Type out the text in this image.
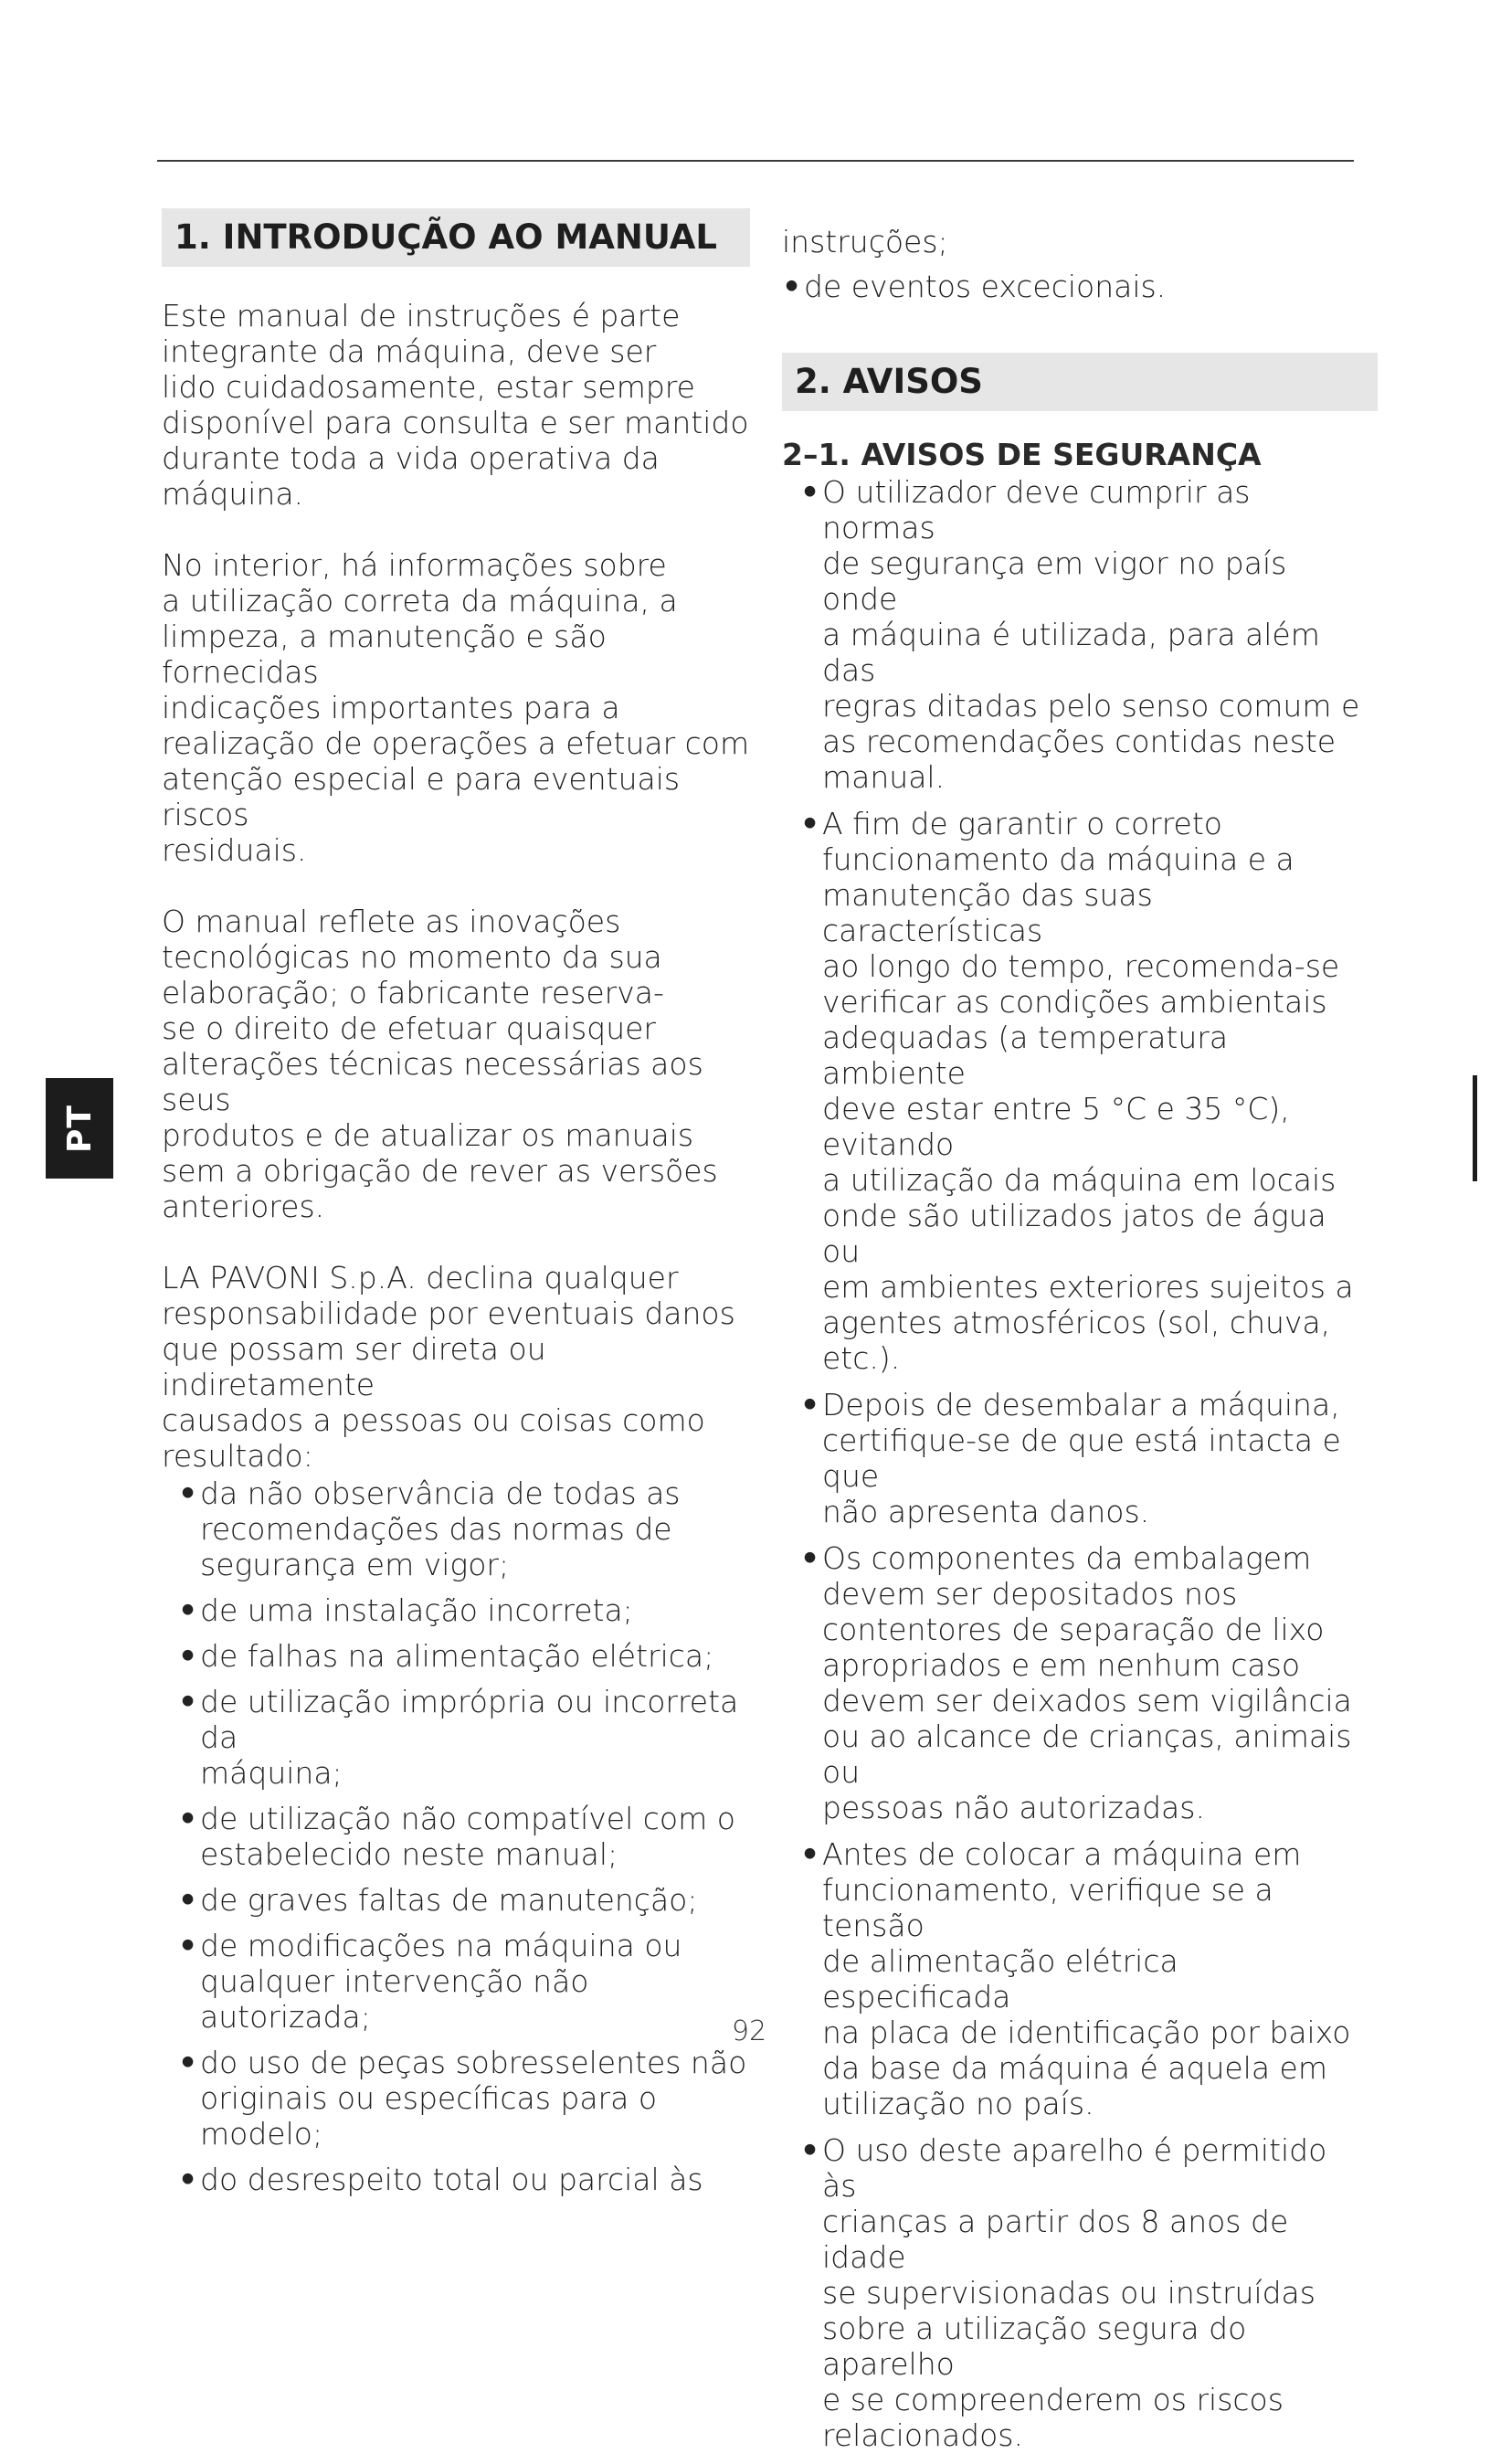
1. INTRODUÇÃO AO MANUAL

Este manual de instruções é parte
integrante da máquina, deve ser
lido cuidadosamente, estar sempre
disponível para consulta e ser mantido
durante toda a vida operativa da
máquina.

No interior, há informações sobre
a utilização correta da máquina, a
limpeza, a manutenção e são fornecidas
indicações importantes para a
realização de operações a efetuar com
atenção especial e para eventuais riscos
residuais.

O manual reflete as inovações
tecnológicas no momento da sua
elaboração; o fabricante reserva-
se o direito de efetuar quaisquer
alterações técnicas necessárias aos seus
produtos e de atualizar os manuais
sem a obrigação de rever as versões
anteriores.

LA PAVONI S.p.A. declina qualquer
responsabilidade por eventuais danos
que possam ser direta ou indiretamente
causados a pessoas ou coisas como
resultado:

• da não observância de todas as
recomendações das normas de
segurança em vigor;
• de uma instalação incorreta;
• de falhas na alimentação elétrica;
• de utilização imprópria ou incorreta da
máquina;
• de utilização não compatível com o
estabelecido neste manual;
• de graves faltas de manutenção;
• de modificações na máquina ou
qualquer intervenção não autorizada;
• do uso de peças sobresselentes não
originais ou específicas para o modelo;
• do desrespeito total ou parcial às
instruções;
• de eventos excecionais.
2. AVISOS
2–1. AVISOS DE SEGURANÇA
• O utilizador deve cumprir as normas
de segurança em vigor no país onde
a máquina é utilizada, para além das
regras ditadas pelo senso comum e
as recomendações contidas neste
manual.
• A fim de garantir o correto
funcionamento da máquina e a
manutenção das suas características
ao longo do tempo, recomenda-se
verificar as condições ambientais
adequadas (a temperatura ambiente
deve estar entre 5 °C e 35 °C), evitando
a utilização da máquina em locais
onde são utilizados jatos de água ou
em ambientes exteriores sujeitos a
agentes atmosféricos (sol, chuva, etc.).
• Depois de desembalar a máquina,
certifique-se de que está intacta e que
não apresenta danos.
• Os componentes da embalagem
devem ser depositados nos
contentores de separação de lixo
apropriados e em nenhum caso
devem ser deixados sem vigilância
ou ao alcance de crianças, animais ou
pessoas não autorizadas.
• Antes de colocar a máquina em
funcionamento, verifique se a tensão
de alimentação elétrica especificada
na placa de identificação por baixo
da base da máquina é aquela em
utilização no país.
• O uso deste aparelho é permitido às
crianças a partir dos 8 anos de idade
se supervisionadas ou instruídas
sobre a utilização segura do aparelho
e se compreenderem os riscos
relacionados.
PT
92
